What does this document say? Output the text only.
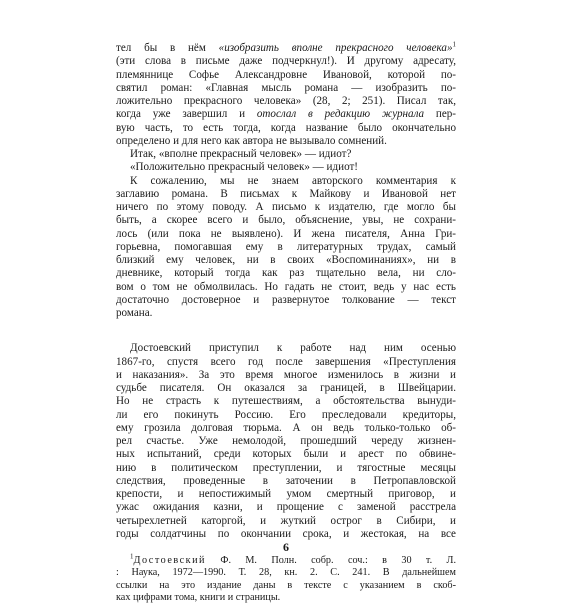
тел бы в нём «изобразить вполне прекрасного человека»$^1$
(эти слова в письме даже подчеркнул!). И другому адресату,
племяннице Софье Александровне Ивановой, которой по-
святил роман: «Главная мысль романа — изобразить по-
ложительно прекрасного человека» (28, 2; 251). Писал так,
когда уже завершил и отослал в редакцию журнала пер-
вую часть, то есть тогда, когда название было окончательно
определено и для него как автора не вызывало сомнений.
Итак, «вполне прекрасный человек» — идиот?
«Положительно прекрасный человек» — идиот!
К сожалению, мы не знаем авторского комментария к
заглавию романа. В письмах к Майкову и Ивановой нет
ничего по этому поводу. А письмо к издателю, где могло бы
быть, а скорее всего и было, объяснение, увы, не сохрани-
лось (или пока не выявлено). И жена писателя, Анна Гри-
горьевна, помогавшая ему в литературных трудах, самый
близкий ему человек, ни в своих «Воспоминаниях», ни в
дневнике, который тогда как раз тщательно вела, ни сло-
вом о том не обмолвилась. Но гадать не стоит, ведь у нас есть
достаточно достоверное и развернутое толкование — текст
романа.
Достоевский приступил к работе над ним осенью
1867-го, спустя всего год после завершения «Преступления
и наказания». За это время многое изменилось в жизни и
судьбе писателя. Он оказался за границей, в Швейцарии.
Но не страсть к путешествиям, а обстоятельства вынуди-
ли его покинуть Россию. Его преследовали кредиторы,
ему грозила долговая тюрьма. А он ведь только-только об-
рел счастье. Уже немолодой, прошедший череду жизнен-
ных испытаний, среди которых были и арест по обвине-
нию в политическом преступлении, и тягостные месяцы
следствия, проведенные в заточении в Петропавловской
крепости, и непостижимый умом смертный приговор, и
ужас ожидания казни, и прощение с заменой расстрела
четырехлетней каторгой, и жуткий острог в Сибири, и
годы солдатчины по окончании срока, и жестокая, на все
$^1$Достоевский Ф. М. Полн. собр. соч.: в 30 т. Л.
: Наука, 1972—1990. Т. 28, кн. 2. С. 241. В дальнейшем
ссылки на это издание даны в тексте с указанием в скоб-
ках цифрами тома, книги и страницы.
6
